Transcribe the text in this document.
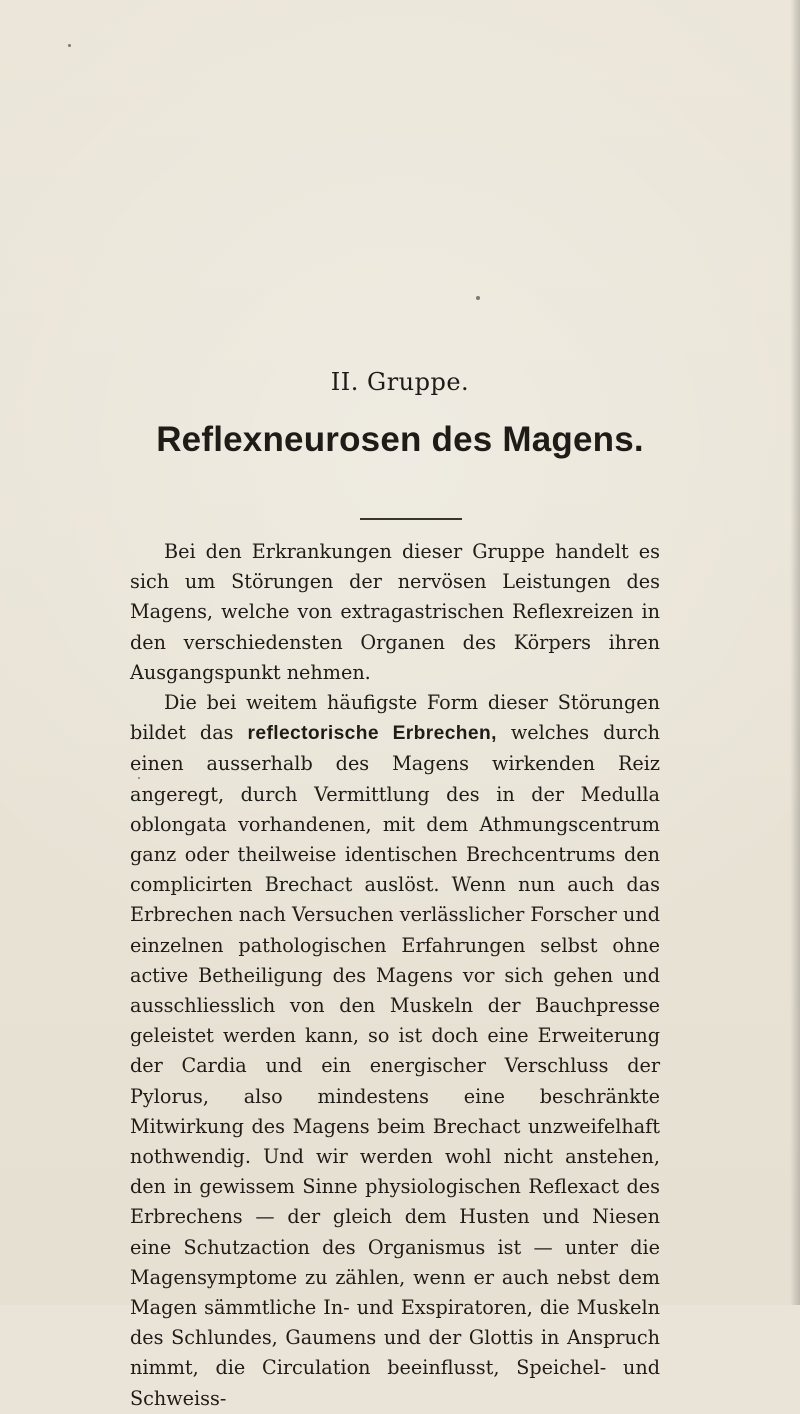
II. Gruppe.
Reflexneurosen des Magens.

Bei den Erkrankungen dieser Gruppe handelt es sich um Störungen der nervösen Leistungen des Magens, welche von extragastrischen Reflexreizen in den verschiedensten Organen des Körpers ihren Ausgangspunkt nehmen.

Die bei weitem häufigste Form dieser Störungen bildet das reflectorische Erbrechen, welches durch einen ausserhalb des Magens wirkenden Reiz angeregt, durch Vermittlung des in der Medulla oblongata vorhandenen, mit dem Athmungscentrum ganz oder theilweise identischen Brechcentrums den complicirten Brechact auslöst. Wenn nun auch das Erbrechen nach Versuchen verlässlicher Forscher und einzelnen pathologischen Erfahrungen selbst ohne active Betheiligung des Magens vor sich gehen und ausschliesslich von den Muskeln der Bauchpresse geleistet werden kann, so ist doch eine Erweiterung der Cardia und ein energischer Verschluss der Pylorus, also mindestens eine beschränkte Mitwirkung des Magens beim Brechact unzweifelhaft nothwendig. Und wir werden wohl nicht anstehen, den in gewissem Sinne physiologischen Reflexact des Erbrechens — der gleich dem Husten und Niesen eine Schutzaction des Organismus ist — unter die Magensymptome zu zählen, wenn er auch nebst dem Magen sämmtliche In- und Exspiratoren, die Muskeln des Schlundes, Gaumens und der Glottis in Anspruch nimmt, die Circulation beeinflusst, Speichel- und Schweiss-
